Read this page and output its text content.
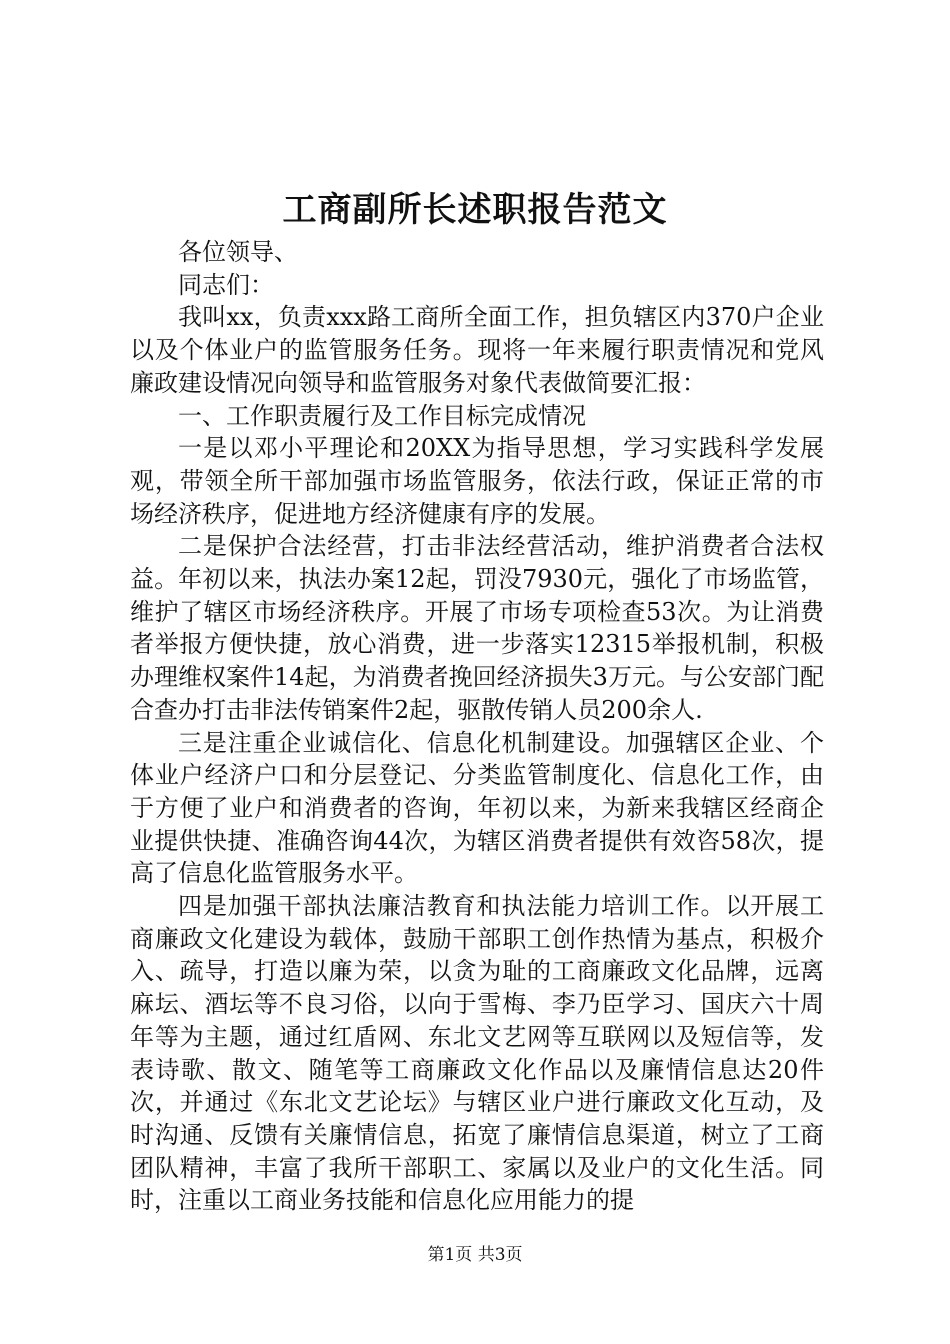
工商副所长述职报告范文

各位领导、

同志们：

我叫xx，负责xxx路工商所全面工作，担负辖区内370户企业以及个体业户的监管服务任务。现将一年来履行职责情况和党风廉政建设情况向领导和监管服务对象代表做简要汇报：

一、工作职责履行及工作目标完成情况

一是以邓小平理论和20XX为指导思想，学习实践科学发展观，带领全所干部加强市场监管服务，依法行政，保证正常的市场经济秩序，促进地方经济健康有序的发展。

二是保护合法经营，打击非法经营活动，维护消费者合法权益。年初以来，执法办案12起，罚没7930元，强化了市场监管，维护了辖区市场经济秩序。开展了市场专项检查53次。为让消费者举报方便快捷，放心消费，进一步落实12315举报机制，积极办理维权案件14起，为消费者挽回经济损失3万元。与公安部门配合查办打击非法传销案件2起，驱散传销人员200余人.

三是注重企业诚信化、信息化机制建设。加强辖区企业、个体业户经济户口和分层登记、分类监管制度化、信息化工作，由于方便了业户和消费者的咨询，年初以来，为新来我辖区经商企业提供快捷、准确咨询44次，为辖区消费者提供有效咨58次，提高了信息化监管服务水平。

四是加强干部执法廉洁教育和执法能力培训工作。以开展工商廉政文化建设为载体，鼓励干部职工创作热情为基点，积极介入、疏导，打造以廉为荣，以贪为耻的工商廉政文化品牌，远离麻坛、酒坛等不良习俗，以向于雪梅、李乃臣学习、国庆六十周年等为主题，通过红盾网、东北文艺网等互联网以及短信等，发表诗歌、散文、随笔等工商廉政文化作品以及廉情信息达20件次，并通过《东北文艺论坛》与辖区业户进行廉政文化互动，及时沟通、反馈有关廉情信息，拓宽了廉情信息渠道，树立了工商团队精神，丰富了我所干部职工、家属以及业户的文化生活。同时，注重以工商业务技能和信息化应用能力的提

第1页 共3页
